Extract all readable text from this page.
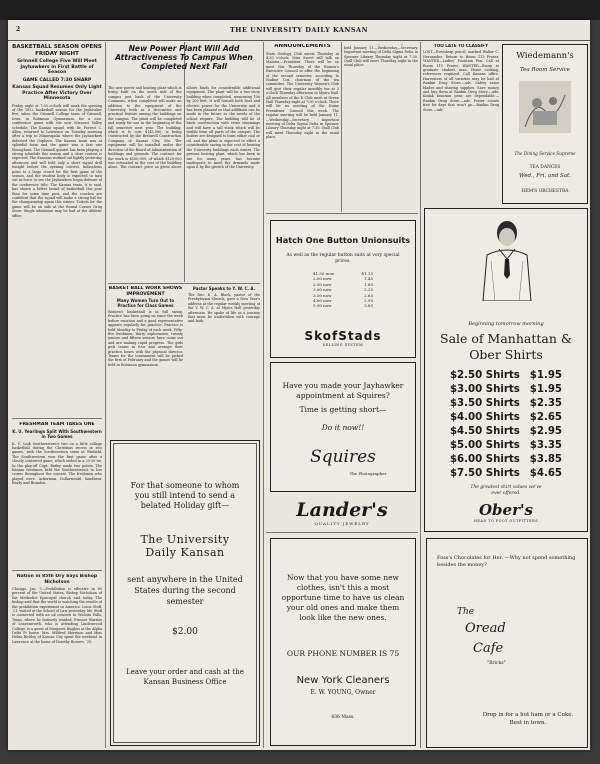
2	THE UNIVERSITY DAILY KANSAN
BASKETBALL SEASON OPENS FRIDAY NIGHT
Grinnell College Five Will Meet Jayhawkers in First Battle of Season
GAME CALLED 7:30 SHARP
Kansas Squad Resumes Only Light Practice After Victory Over Minnesota

Friday night at 7:30 o'clock will mark the opening of the 1922 basketball season for the Jayhawker five, when the Grinnell College team of Grinnell, Iowa, in Robinson Gymnasium, for a non-conference game with the new Missouri Valley schedule. The Kansas squad, with Dr. Forrest C. Allen, returned to Lawrence on Tuesday morning after a trip to Minneapolis where the Jayhawkers defeated the Gophers. The Kansas team was at splendid form and the game was a fast one throughout. The Grinnell quintet has been playing a strong schedule this season and a close contest is expected. The Kansans worked out lightly yesterday afternoon and will hold only a short signal drill tonight before the opening contest. Indications point to a large crowd for the first game of the season, and the student body is expected to turn out in force to see the Jayhawkers begin defense of the conference title. The Kansas team, it is said, has shown a better brand of basketball this year than for some time past, and the coaches are confident that the squad will make a strong bid for the championship again this winter. Tickets for the game will be on sale at the Round Corner Drug Store. Single admission may be had at the Athletic office.

FRESHMAN TEAM TAKES ONE
K. U. Yearlings Split With Southwestern in Two Games

K. U. took Southwestern's two on a little college basketball during the Christmas recess in two games, with the Southwestern team at Winfield. The Southwestern won the first game after a closely contested game, which ended in a 20-20 tie. In the play-off Capt. Bailey made two points. The Kansas freshmen held the Southwestern's to low scores throughout the contest. The freshmen who played were: Ackerman, Dollarwould, Sandbear, Brady and Brandon.

Nation in 85th Dry Says Bishop Nicholson

Chicago, Jan. 5.—Prohibition is effective in 85 percent of the United States, Bishop Nicholson of the Methodist Episcopal church said today. The bishop said that the world is watching the results of the prohibition experiment in America. Louis Stoff, '21, visited at the School of Law yesterday. Mr. Stoff is connected with an oil concern in Wichita Falls, Texas, where he formerly resided. Prosser Warrior of Leavenworth, who is attending Lindenwood College, is a guest of Margaret Hughes at the Alpha Delta Pi house. Mrs. Mildred Morrison and Miss Helen Bickley of Kansas City spent the weekend in Lawrence at the home of Dorothy Bowers, '25.

New Power Plant Will Add Attractiveness To Campus When Completed Next Fall

The new power and heating plant which is being built on the south side of the campus just back of the University Commons, when completed will make an addition to the equipment of the University both as a decorative and practical feature among the buildings on the campus. The plant will be completed and ready for use in the beginning of the fall semester next year. The building, which is to cost $145,000, is being constructed by the Bethwell Construction Company of Kansas City, Mo. The equipment will be installed under the direction of the Board of Administration of buildings and grounds. The contract for the work is $100,000, of which $120,000 was estimated as the cost of the building alone. The contract price as given above allows funds for considerable additional equipment. The plant will be a two-story building when completed, measuring 100 by 200 feet. It will furnish both heat and electric power for the University and it has been planned so that additions can be made in the future as the needs of the school require. The building will be of brick construction with stone trimmings and will have a tall stack which will be visible from all parts of the campus. The boilers are designed to burn either coal or oil, and the plant is expected to effect a considerable saving in the cost of heating the University buildings each winter. The present heating plant, which has been in use for many years, has become inadequate to meet the demands made upon it by the growth of the University.

BASKET BALL WORK SHOWS IMPROVEMENT
Many Women Turn Out to Practice for Class Games

Women's basketball is in full swing. Practice has been going on since the week before vacation and a good representative appears regularly for practice. Practice is held Monday to Friday of each week. Fifty-five freshmen, thirty sophomores, twenty juniors and fifteen seniors have come out and are making rapid progress. The girls pick teams in four and arrange their practice hours with the physical director. Teams for the tournament will be picked the first of February and the games will be held in Robinson gymnasium.

Pastor Speaks to Y. W. C. A.

The Rev. E. A. Black, pastor of the Presbyterian Church, gave a New Year's address at the regular weekly meeting of the Y. W. C. A. at Myers Hall yesterday afternoon. He spoke of life as a journey that must be undertaken with courage and faith.

For that someone to whom you still intend to send a belated Holiday gift—
The University
Daily Kansan
sent anywhere in the United States during the second semester
$2.00
Leave your order and cash at the Kansan Business Office
ANNOUNCEMENTS

State Geology Club meets Thursday at 4:30 o'clock. Miss Sweet will talk on Malaria.—President. There will be no meet this Thursday of the Women's Executive Council to offer the beginning of the second semester, according to Nadine Cox, chairman of the tea committee. The University Women's Club will give their regular monthly tea at 3 o'clock Thursday afternoon in Myers Hall. All members of the K Club meet at Green Hall Thursday night at 7:30 o'clock. There will be no meeting of the Home Presidents' Council this week. The regular meeting will be held January 11.—Wednesday—Secretary. Important meeting of Delta Sigma Delta in Spooner Library Thursday night at 7:30. Quill Club will meet Thursday night in the usual place.

held January 11.—Wednesday—Secretary. Important meeting of Delta Sigma Delta in Spooner Library Thursday night at 7:30. Quill Club will meet Thursday night in the usual place.

Hatch One Button Unionsuits
As well as the regular button suits at very special prices.
$1.50 now	$1.15
2.00 now	1.45
2.50 now	1.85
3.00 now	2.25
3.50 now	2.65
4.00 now	2.95
5.00 now	3.85
SkofStads
SELLING SYSTEM
Have you made your Jayhawker appointment at Squires?
Time is getting short—
Do it now!!
Squires
The Photographer
Lander's
QUALITY JEWELRY
Now that you have some new clothes, isn't this a most opportune time to have us clean your old ones and make them look like the new ones.
OUR PHONE NUMBER IS 75
New York Cleaners
E. W. YOUNG, Owner
836 Mass.
TOO LATE TO CLASSIFY

LOST—Evershsrp pencil, marked Walter C. Hernandez. Return to Room 115 Fraser. WANTED—Ladies' Fountain Pen. Call at Room 115 Fraser. WANTED—Room to graduate student, man. Home cooking, references required. Call Kansan office. Harvesters of all varieties may be had at Rankin Drug Store.—adv. Safety razor blades and shaving supplies. Save money and buy them at Rankin Drug Store.—adv. Kodak fountain pens are dependable.—Rankin Drug Store.—adv. Foster counts free for days that won't go.—Rankin Drug Store.—adv.

Wiedemann's
Tea Room Service
The Dining Service Supreme
TEA DANCES
Wed., Fri. and Sat.
HEM'S ORCHESTRA
Beginning tomorrow morning
Sale of Manhattan & Ober Shirts
$2.50 Shirts $1.95
$3.00 Shirts $1.95
$3.50 Shirts $2.35
$4.00 Shirts $2.65
$4.50 Shirts $2.95
$5.00 Shirts $3.35
$6.00 Shirts $3.85
$7.50 Shirts $4.65
The greatest shirt values we've ever offered.
Ober's
HEAD TO FOOT OUTFITTERS
Foss's Chocolates for Her. —Why not spend something besides the money?
The
Oread
Cafe
"Bricks"
Drop in for a hot ham or a Coke. Best in town.
